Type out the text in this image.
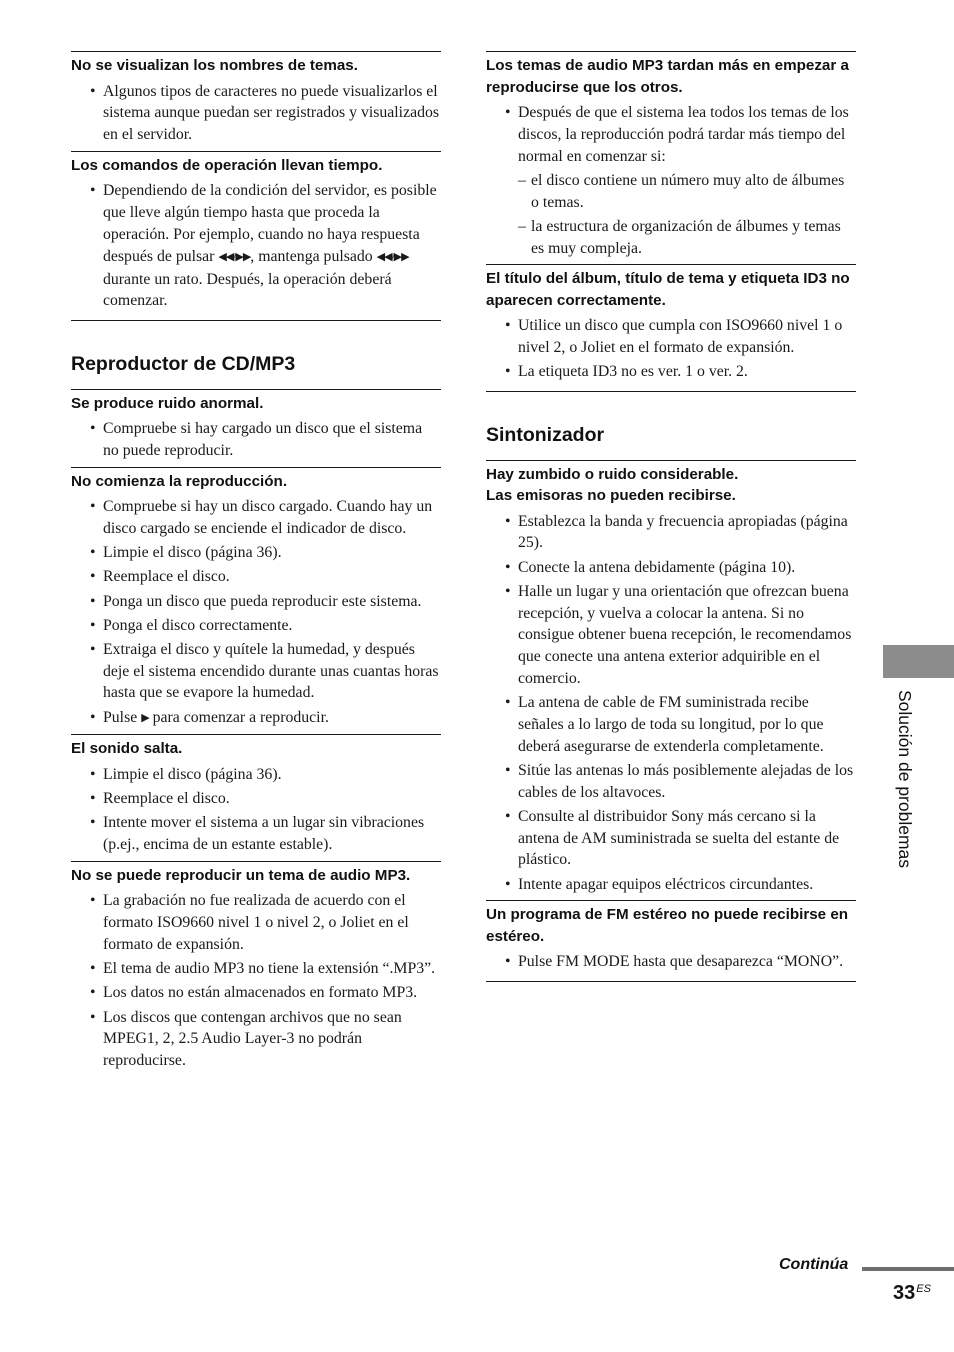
No se visualizan los nombres de temas.

• Algunos tipos de caracteres no puede visualizarlos el sistema aunque puedan ser registrados y visualizados en el servidor.

Los comandos de operación llevan tiempo.

• Dependiendo de la condición del servidor, es posible que lleve algún tiempo hasta que proceda la operación. Por ejemplo, cuando no haya respuesta después de pulsar ◀◀/▶▶, mantenga pulsado ◀◀/▶▶ durante un rato. Después, la operación deberá comenzar.
Reproductor de CD/MP3

Se produce ruido anormal.

• Compruebe si hay cargado un disco que el sistema no puede reproducir.

No comienza la reproducción.

• Compruebe si hay un disco cargado. Cuando hay un disco cargado se enciende el indicador de disco.
• Limpie el disco (página 36).
• Reemplace el disco.
• Ponga un disco que pueda reproducir este sistema.
• Ponga el disco correctamente.
• Extraiga el disco y quítele la humedad, y después deje el sistema encendido durante unas cuantas horas hasta que se evapore la humedad.
• Pulse ▶ para comenzar a reproducir.

El sonido salta.

• Limpie el disco (página 36).
• Reemplace el disco.
• Intente mover el sistema a un lugar sin vibraciones (p.ej., encima de un estante estable).

No se puede reproducir un tema de audio MP3.

• La grabación no fue realizada de acuerdo con el formato ISO9660 nivel 1 o nivel 2, o Joliet en el formato de expansión.
• El tema de audio MP3 no tiene la extensión “.MP3”.
• Los datos no están almacenados en formato MP3.
• Los discos que contengan archivos que no sean MPEG1, 2, 2.5 Audio Layer-3 no podrán reproducirse.

Los temas de audio MP3 tardan más en empezar a reproducirse que los otros.

• Después de que el sistema lea todos los temas de los discos, la reproducción podrá tardar más tiempo del normal en comenzar si:
– el disco contiene un número muy alto de álbumes o temas.
– la estructura de organización de álbumes y temas es muy compleja.

El título del álbum, título de tema y etiqueta ID3 no aparecen correctamente.

• Utilice un disco que cumpla con ISO9660 nivel 1 o nivel 2, o Joliet en el formato de expansión.
• La etiqueta ID3 no es ver. 1 o ver. 2.
Sintonizador

Hay zumbido o ruido considerable.
Las emisoras no pueden recibirse.

• Establezca la banda y frecuencia apropiadas (página 25).
• Conecte la antena debidamente (página 10).
• Halle un lugar y una orientación que ofrezcan buena recepción, y vuelva a colocar la antena. Si no consigue obtener buena recepción, le recomendamos que conecte una antena exterior adquirible en el comercio.
• La antena de cable de FM suministrada recibe señales a lo largo de toda su longitud, por lo que deberá asegurarse de extenderla completamente.
• Sitúe las antenas lo más posiblemente alejadas de los cables de los altavoces.
• Consulte al distribuidor Sony más cercano si la antena de AM suministrada se suelta del estante de plástico.
• Intente apagar equipos eléctricos circundantes.

Un programa de FM estéreo no puede recibirse en estéreo.

• Pulse FM MODE hasta que desaparezca “MONO”.
Solución de problemas
Continúa
$33^{ES}$
